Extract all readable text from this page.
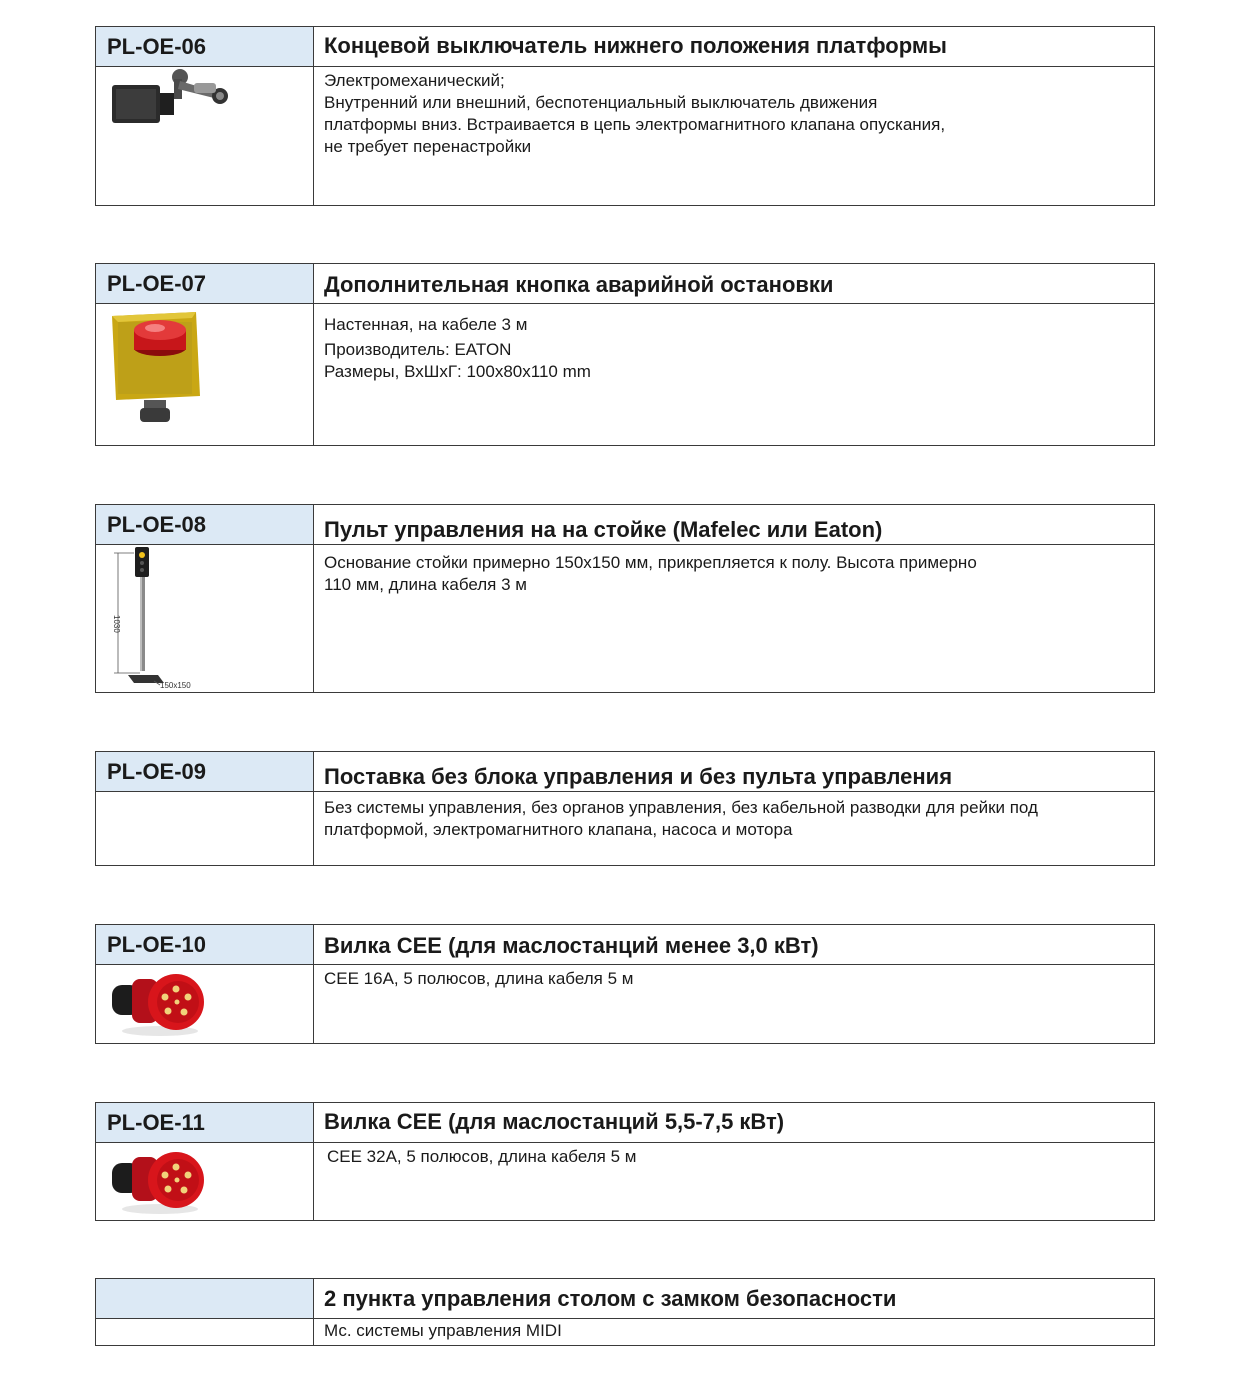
PL-OE-06	Концевой выключатель нижнего положения платформы
Электромеханический;
Внутренний или внешний, беспотенциальный выключатель движения
платформы вниз. Встраивается в цепь электромагнитного клапана опускания,
не требует перенастройки
PL-OE-07	Дополнительная кнопка аварийной остановки
Настенная, на кабеле 3 м
Производитель: EATON
Размеры, ВхШхГ: 100x80x110 mm
PL-OE-08	Пульт управления на на стойке (Mafelec или Eaton)
1030
150x150
Основание стойки примерно 150х150 мм, прикрепляется к полу. Высота примерно
110 мм, длина кабеля 3 м
PL-OE-09	Поставка без блока управления и без пульта управления
Без системы управления, без органов управления, без кабельной разводки для рейки под
платформой, электромагнитного клапана, насоса и мотора
PL-OE-10	Вилка CEE (для маслостанций менее 3,0 кВт)
CEE 16А, 5 полюсов, длина кабеля 5 м
PL-OE-11	Вилка CEE (для маслостанций 5,5-7,5 кВт)
CEE 32A, 5 полюсов, длина кабеля 5 м
2 пункта управления столом с замком безопасности
Мс. системы управления MIDI
